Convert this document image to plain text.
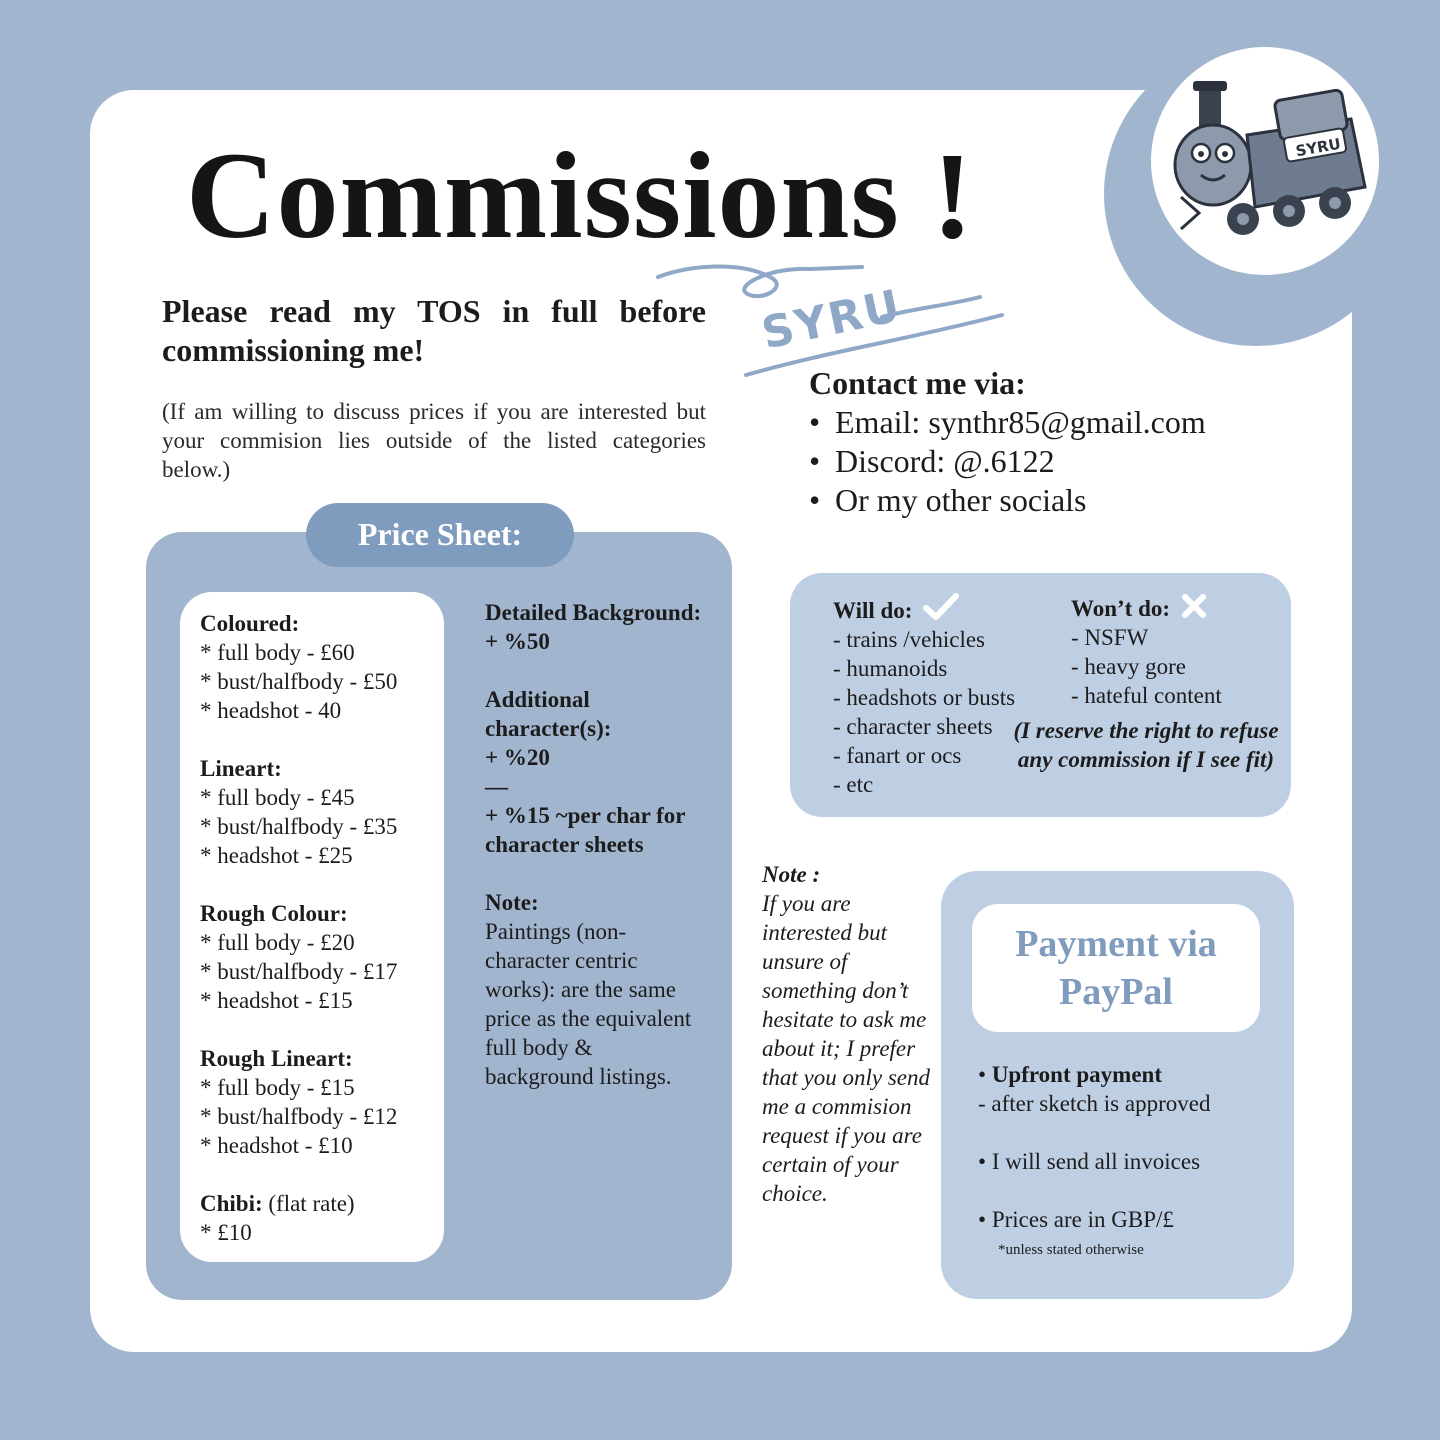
SYRU
Commissions !
SYRU

Please read my TOS in full before commissioning me!

(If am willing to discuss prices if you are interested but your commision lies outside of the listed categories below.)

Contact me via:
• Email: synthr85@gmail.com
• Discord: @.6122
• Or my other socials
Price Sheet:
Coloured:
* full body - £60
* bust/halfbody - £50
* headshot - 40
Lineart:
* full body - £45
* bust/halfbody - £35
* headshot - £25
Rough Colour:
* full body - £20
* bust/halfbody - £17
* headshot - £15
Rough Lineart:
* full body - £15
* bust/halfbody - £12
* headshot - £10
Chibi: (flat rate)
* £10
Detailed Background:
+ %50
Additional character(s):
+ %20
—
+ %15 ~per char for character sheets
Note:
Paintings (non-character centric works): are the same price as the equivalent full body & background listings.
Will do:
- trains /vehicles
- humanoids
- headshots or busts
- character sheets
- fanart or ocs
- etc
Won’t do:
- NSFW
- heavy gore
- hateful content
(I reserve the right to refuse any commission if I see fit)
Note :
If you are interested but unsure of something don’t hesitate to ask me about it; I prefer that you only send me a commision request if you are certain of your choice.
Payment via
PayPal
• Upfront payment
- after sketch is approved
• I will send all invoices
• Prices are in GBP/£
*unless stated otherwise
